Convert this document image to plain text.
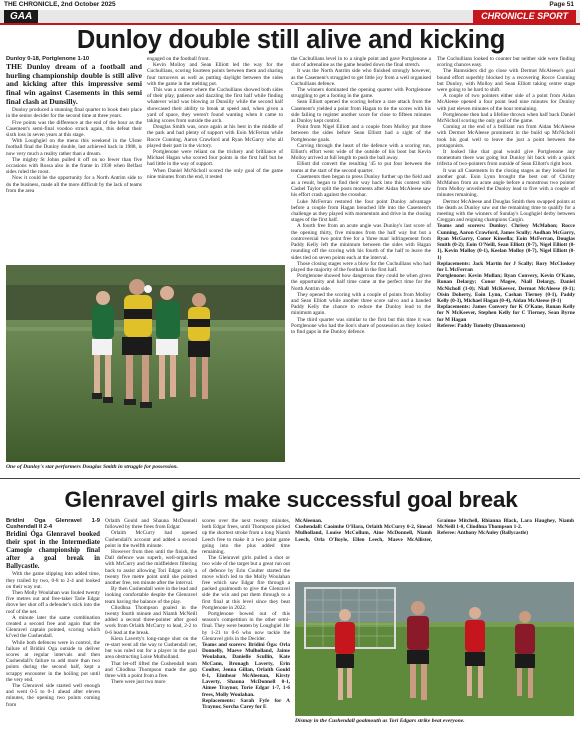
THE CHRONICLE, 2nd October 2025	Page 51
GAA	CHRONICLE SPORT
Dunloy double still alive and kicking

Dunloy 0-18, Portglenone 1-10

THE Dunloy dream of a football and hurling championship double is still alive and kicking after this impressive semi final win against Casements in this semi final clash at Dunsilly.

Dunloy produced a stunning final quarter to book their place in the senior decider for the second time at three years.

Five points was the difference at the end of the hour as the Casement's semi-final voodoo struck again, this defeat their sixth loss in seven years at this stage.

With Loughgiel on the menu this weekend in the Ulster football final the Dunloy double, last achieved back in 1988, is now very much a reality rather than a dream.

The mighty St Johns pulled it off on no fewer than five occasions with Rossa also in the frame in 1938 when Belfast sides ruled the roost.

Now it could be the opportunity for a North Antrim side to do the business, made all the more difficult by the lack of teams from the area

engaged on the football front.

Kevin Molloy and Sean Elliott led the way for the Cuchullians, scoring fourteen points between them and sharing four turnovers as well as putting daylight between the sides with the game in the melting pot.

This was a contest where the Cuchullians showed both sides of their play, patience and dazzling the first half while finding whatever wind was blowing at Dunsilly while the second half showcased their ability to break at speed and, when given a yard of space, they weren't found wanting when it came to taking scores from outside the arch.

Douglas Smith was, once again at his best in the middle of the park and had plenty of support with Eoin McFerran while Rocce Cunning, Aaron Crawford and Ryan McGarry who all played their part in the victory.

Portglenone were reliant on the trickery and brilliance of Michael Hagan who scored four points in the first half but he had little in the way of support.

When Daniel McNicholl scored the only goal of the game nine minutes from the end, it rested

the Cuchullians level in to a single point and gave Portglenone a shot of adrenaline as the game headed down the final stretch.

It was the North Antrim side who finished strongly however, as the Casement's struggled to get little joy from a well organised Cuchullians defence.

The winners dominated the opening quarter with Portglenone struggling to get a footing in the game.

Sean Elliott opened the scoring before a rare attack from the Casement's yielded a point from Hagan to tie the scores with his side failing to register another score for close to fifteen minutes as Dunloy kept control.

Point from Nigel Elliott and a couple from Molloy put three between the sides before Sean Elliott had a sight of the Portglenone goals.

Carving through the heart of the defence with a scoring run, Elliott's effort went wide of the outside of his boot but Kevin Molloy arrived at full length to push the ball away.

Elliott did convert the resulting '45 to put four between the teams at the start of the second quarter.

Casements then began to press Dunloy further up the field and as a result, began to find their way back into this contest with Cashel Taylor split the posts moments after Aidan McAleese saw his effort crash against the crossbar.

Luke McFerran restored the four point Dunloy advantage before a couple from Hagan breached life into the Casement's challenge as they played with momentum and drive in the closing stages of the first half.

A fourth free from an acute angle was Dunloy's last score of the opening thirty, five minutes from the half way but but a controversial two point free for a 'three man' infringement from Paddy Kelly left the minimum between the sides with Hagan rounding off the scoring with his fourth of the half to leave the sides tied on seven points each at the interval.

Those closing stages were a blow for the Cuchullians who had played the majority of the football in the first half.

Portglenone showed how dangerous they could be when given the opportunity and half time came at the perfect time for the North Antrim side.

They opened the scoring with a couple of points from Molloy and Sean Elliott while another three score salvo and a handed Paddy Kelly the chance to reduce the Dunloy lead to the minimum again.

The third quarter was similar to the first but this time it was Portglenone who had the lion's share of possession as they looked to find gaps in the Dunloy defence.

The Cuchullians looked to counter but neither side were finding scoring chances easy.

The Bannsiders did go close with Dermot McAleese's goal bound effort superbly blocked by a recovering Rocce Cunning but Dunloy, with Molloy and Sean Elliott taking centre stage were going to be hard to shift.

A couple of two pointers either side of a point from Aidan McAleese opened a four point lead nine minutes for Dunloy with just eleven minutes of the hour remaining.

Portglenone then had a lifeline thrown when half back Daniel McNicholl scoring the only goal of the game.

Coming at the end of a brilliant run from Aidan McAleese with Dermot McAleese prominent in the build up McNicholl took his goal well to leave the just a point between the protagonists.

It looked like that goal would give Portglenone any momentum there was going but Dunloy hit back with a quick trifecta of two-pointers from outside of Sean Elliott's right boot.

It was all Casements in the closing stages as they looked for another goal. Eoin Lynn brought the best out of Christy McMahon from an acute angle before a monstrous two pointer from Molloy unveiled the Dunloy lead to five with a couple of minutes remaining.

Dermot McAleese and Douglas Smith then swapped points at the death as Dunloy saw out the remaining time to qualify for a meeting with the winners of Sunday's Loughgiel derby between Creggan and reigning champions Cargin.

Teams and scorers: Dunloy: Chrissy McMahon; Rocce Cunning, Aaron Crawford, James Scully; Aodhan McGarry, Ryan McGarry, Conor Kinsella; Eoin McFerran, Douglas Smith (0-2); Eoin O'Neill, Sean Elliott (0-7), Nigel Elliott (0-1), Kevin Molloy (0-1), Keelan Molloy (0-7), Nigel Elliott (0-1)

Replacements: Jack Martin for J Scally; Rory McCloskey for L McFerran

Portglenone: Kevin Mullan; Ryan Convery, Kevin O'Kane, Ronan Delargy; Conor Magee, Niall Delargy, Daniel McNicholl (1-0); Niall McKeever, Dermot McAleese (0-1); Oisin Doherty, Eoin Lynn, Cashan Tierney (0-1), Paddy Kelly (0-3), Michael Hagan (0-4), Aidan McAleese (0-1)

Replacements: James Convery for K O'Kane, Ronan Kelly for N McKeever, Stephen Kelly for C Tierney, Sean Byrne for M Hagan

Referee: Paddy Tumelty (Dunnastown)

One of Dunloy's star performers Douglas Smith in struggle for possession.
Glenravel girls make successful goal break

Bridini Óga Glenravel 1-9 Cushendall II 2-4

Bridini Óga Glenravel booked their spot in the Intermediate Camogie championship final after a goal break in Ballycastle.

With the game slipping into added time, they trailed by two, 0-8 to 2-4 and looked on their way out.

Then Molly Woulahan was fouled twenty five metres out and free-taker Tarie Edgar drove her shot off a defender's stick into the roof of the net.

A minute later the same combination created a second free and again that the Glenravel captain pointed, scoring which ki'ved the Cushendall.

While both defences were in control, the failure of Bridini Oga outside to deliver scores at regular intervals and then Cushendall's failure to add more than two points during the second half, kept a scrappy encounter in the boiling pot until the very end.

The Glenravel side started well enough and went 0-5 to 0-1 ahead after eleven minutes, the opening two points coming from

Orlaith Gould and Shauna McDonnell followed by three frees from Edgar.

Orlaith McCurry had opened Cushendall's account and added a second point in the twelfth minute.

However from then until the finish, the Dall defence was superb, well-organised with McCurry and the midfielders filtering back to assist allowing Tori Edgar only a twenty five metre point until she pointed another free, ten minute after the interval.

By then Cushendall were in the lead and looking comfortable despite the Glenravel team having the balance of the play.

Cliodhna Thompson goaled in the twenty fourth minute and Niamh McNeill added a second three-pointer after good work from Orlaith McCurry to lead, 2-2 to 0-6 lead at the break.

Kiera Laverty's long-range shot on the re-start went all the way to Cushendall net, but was ruled out for a player in the goal area obstructing Loise Mulholland.

That let-off lifted the Cushendall team and Cliodhna Thompson made the gap three with a point from a free.

There were just two more

scores over the next twenty minutes, both Edgar frees, until Thompson picked up the shortest stroke from a long Niamh Leech free to make it a two point game going into the plus added time remaining.

The Glenravel girls pulled a shot or two wide of the target but a great run out of defence by Erin Coulter started the move which led to the Molly Woulahan free which saw Edgar fire through a packed goalmouth to give the Glenravel side the win and put them through to a first final at this level since they beat Portglenone in 2022.

Portglenone bowed out of this season's competition in the other semi-final. They were beaten by Loughgiel 1hr by 1-21 to 0-6 who now tackle the Glenravel girls in the Decider.

Teams and scorers: Bridini Óga: Orla Donnelly, Maeve Mulholland, Jaime Woulahan, Danielle Scullin, Kate McCann, Bronagh Laverty, Erin Coulter, Jenna Gillan, Orlaith Gould 0-1, Eimhear McAleenan, Kirsty Laverty, Shauna McDonnell 0-1, Aimee Traynor, Torie Edgar 1-7, 1-6 frees, Molly Woulahan.

Replacements: Sarah Fyfe for A Traynor, Sorcha Carey for E

McAleenan.

Cushendall: Caoimhe O'Hara, Orlaith McCurry 0-2, Sinead Mulholland, Louise McCollum, Aine McDonnell, Niamh Leech, Orla O'Boyle, Ellen Leech, Maeve McAllister, Grainne Mitchell, Rhianna Black, Lara Haughey, Niamh McNeill 1-0, Cliodhna Thompson 1-2.

Referee: Anthony McAuley (Ballycastle)

Dismay in the Cushendall goalmouth as Tori Edgars strike beat everyone.
